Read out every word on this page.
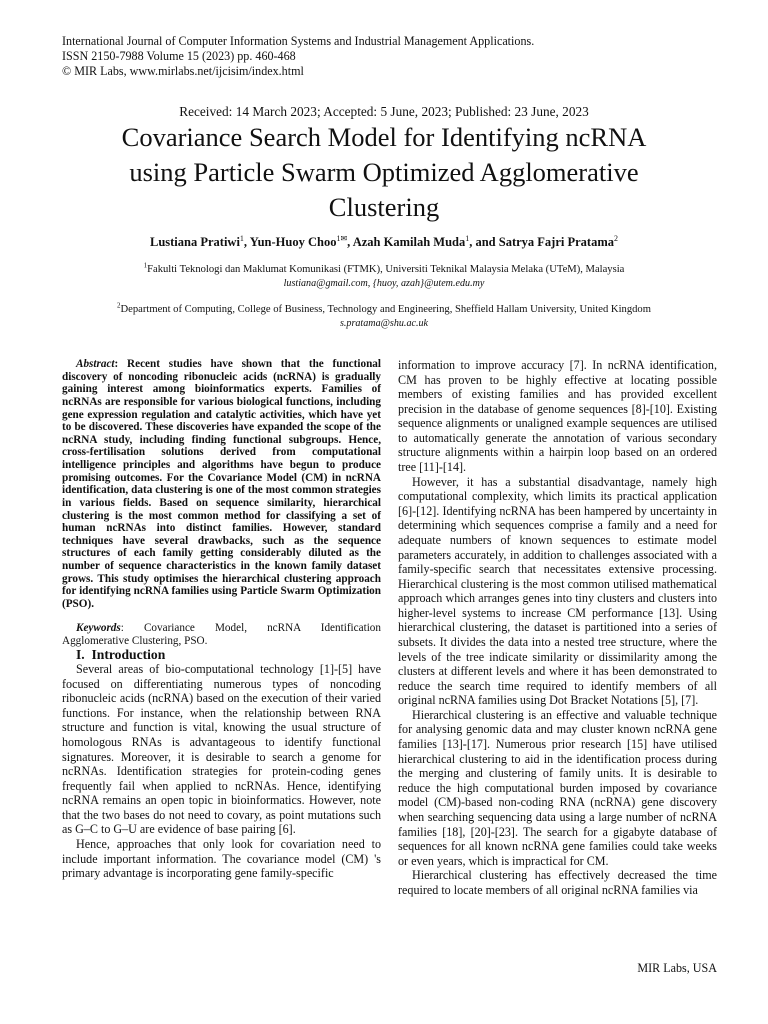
International Journal of Computer Information Systems and Industrial Management Applications.
ISSN 2150-7988 Volume 15 (2023) pp. 460-468
© MIR Labs, www.mirlabs.net/ijcisim/index.html
Received: 14 March 2023; Accepted: 5 June, 2023; Published: 23 June, 2023
Covariance Search Model for Identifying ncRNA
using Particle Swarm Optimized Agglomerative
Clustering
Lustiana Pratiwi$^1$, Yun-Huoy Choo$^{1✉}$, Azah Kamilah Muda$^1$, and Satrya Fajri Pratama$^2$
$^1$Fakulti Teknologi dan Maklumat Komunikasi (FTMK), Universiti Teknikal Malaysia Melaka (UTeM), Malaysia
lustiana@gmail.com, {huoy, azah}@utem.edu.my
$^2$Department of Computing, College of Business, Technology and Engineering, Sheffield Hallam University, United Kingdom
s.pratama@shu.ac.uk

Abstract: Recent studies have shown that the functional discovery of noncoding ribonucleic acids (ncRNA) is gradually gaining interest among bioinformatics experts. Families of ncRNAs are responsible for various biological functions, including gene expression regulation and catalytic activities, which have yet to be discovered. These discoveries have expanded the scope of the ncRNA study, including finding functional subgroups. Hence, cross-fertilisation solutions derived from computational intelligence principles and algorithms have begun to produce promising outcomes. For the Covariance Model (CM) in ncRNA identification, data clustering is one of the most common strategies in various fields. Based on sequence similarity, hierarchical clustering is the most common method for classifying a set of human ncRNAs into distinct families. However, standard techniques have several drawbacks, such as the sequence structures of each family getting considerably diluted as the number of sequence characteristics in the known family dataset grows. This study optimises the hierarchical clustering approach for identifying ncRNA families using Particle Swarm Optimization (PSO).

Keywords: Covariance Model, ncRNA Identification Agglomerative Clustering, PSO.

I. Introduction

Several areas of bio-computational technology [1]-[5] have focused on differentiating numerous types of noncoding ribonucleic acids (ncRNA) based on the execution of their varied functions. For instance, when the relationship between RNA structure and function is vital, knowing the usual structure of homologous RNAs is advantageous to identify functional signatures. Moreover, it is desirable to search a genome for ncRNAs. Identification strategies for protein-coding genes frequently fail when applied to ncRNAs. Hence, identifying ncRNA remains an open topic in bioinformatics. However, note that the two bases do not need to covary, as point mutations such as G–C to G–U are evidence of base pairing [6].

Hence, approaches that only look for covariation need to include important information. The covariance model (CM) 's primary advantage is incorporating gene family-specific

information to improve accuracy [7]. In ncRNA identification, CM has proven to be highly effective at locating possible members of existing families and has provided excellent precision in the database of genome sequences [8]-[10]. Existing sequence alignments or unaligned example sequences are utilised to automatically generate the annotation of various secondary structure alignments within a hairpin loop based on an ordered tree [11]-[14].

However, it has a substantial disadvantage, namely high computational complexity, which limits its practical application [6]-[12]. Identifying ncRNA has been hampered by uncertainty in determining which sequences comprise a family and a need for adequate numbers of known sequences to estimate model parameters accurately, in addition to challenges associated with a family-specific search that necessitates extensive processing. Hierarchical clustering is the most common utilised mathematical approach which arranges genes into tiny clusters and clusters into higher-level systems to increase CM performance [13]. Using hierarchical clustering, the dataset is partitioned into a series of subsets. It divides the data into a nested tree structure, where the levels of the tree indicate similarity or dissimilarity among the clusters at different levels and where it has been demonstrated to reduce the search time required to identify members of all original ncRNA families using Dot Bracket Notations [5], [7].

Hierarchical clustering is an effective and valuable technique for analysing genomic data and may cluster known ncRNA gene families [13]-[17]. Numerous prior research [15] have utilised hierarchical clustering to aid in the identification process during the merging and clustering of family units. It is desirable to reduce the high computational burden imposed by covariance model (CM)-based non-coding RNA (ncRNA) gene discovery when searching sequencing data using a large number of ncRNA families [18], [20]-[23]. The search for a gigabyte database of sequences for all known ncRNA gene families could take weeks or even years, which is impractical for CM.

Hierarchical clustering has effectively decreased the time required to locate members of all original ncRNA families via

MIR Labs, USA
